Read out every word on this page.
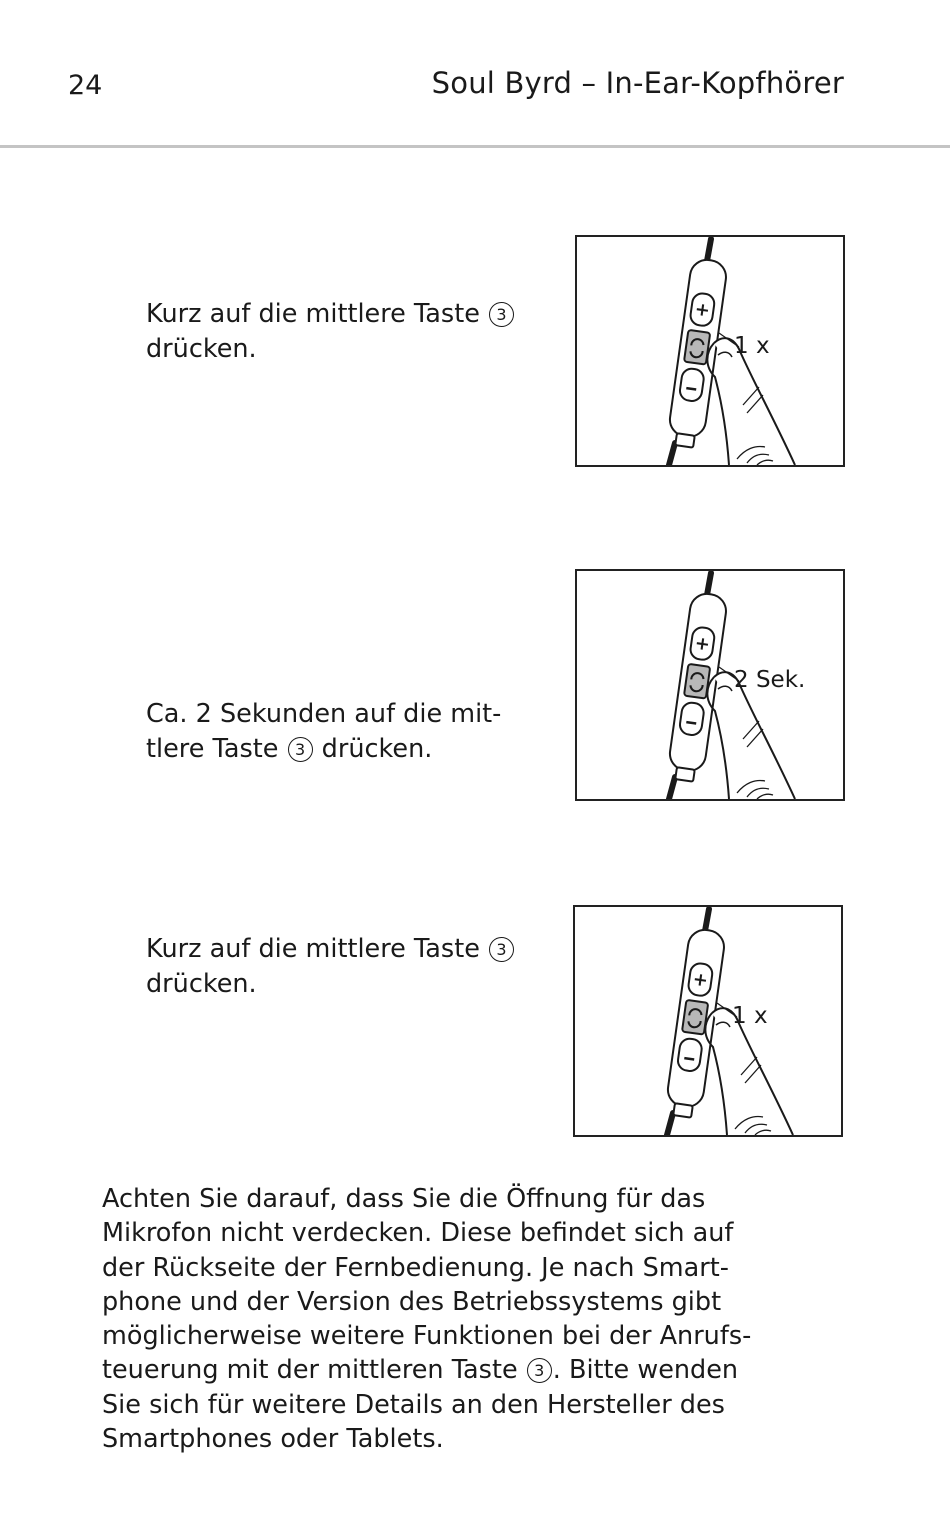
24	Soul Byrd – In-Ear-Kopfhörer
Kurz auf die mittlere Taste 3
drücken.
+
1 x
Ca. 2 Sekunden auf die mit-
tlere Taste 3 drücken.
+
2 Sek.
Kurz auf die mittlere Taste 3
drücken.	+
1 x
Achten Sie darauf, dass Sie die Öffnung für das
Mikrofon nicht verdecken. Diese befindet sich auf
der Rückseite der Fernbedienung. Je nach Smart-
phone und der Version des Betriebssystems gibt
möglicherweise weitere Funktionen bei der Anrufs-
teuerung mit der mittleren Taste 3 . Bitte wenden
Sie sich für weitere Details an den Hersteller des
Smartphones oder Tablets.
